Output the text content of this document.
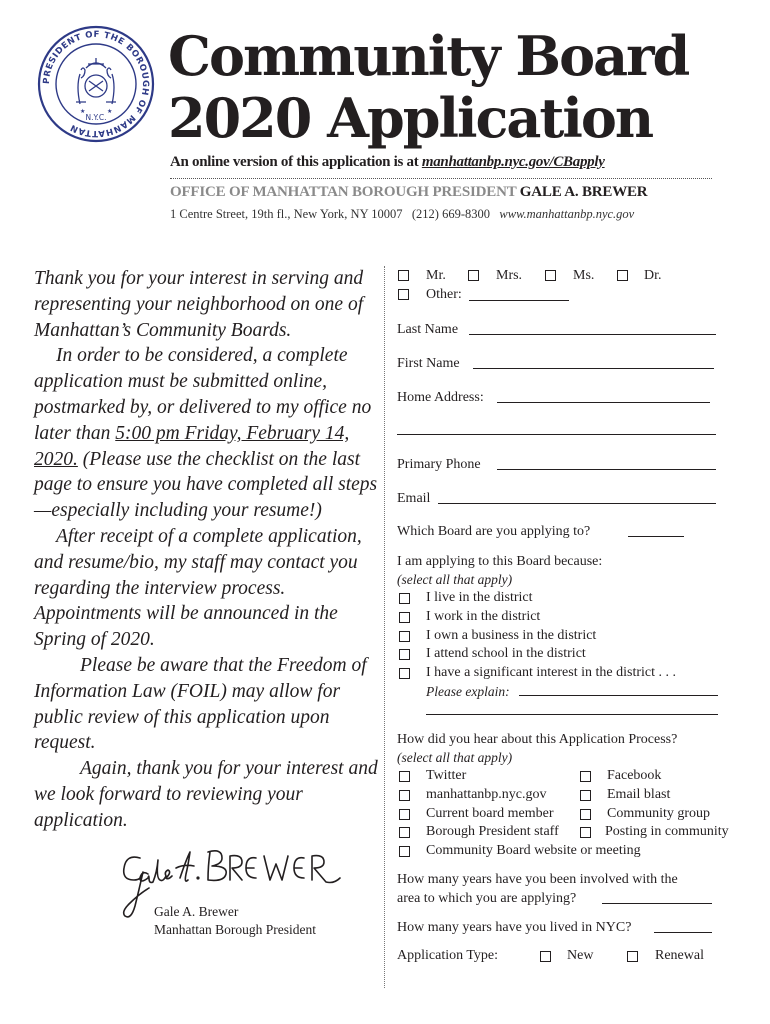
PRESIDENT OF THE BOROUGH OF MANHATTAN
N.Y.C.
★	★
Community Board
2020 Application
An online version of this application is at manhattanbp.nyc.gov/CBapply
OFFICE OF MANHATTAN BOROUGH PRESIDENT GALE A. BREWER
1 Centre Street, 19th fl., New York, NY 10007 (212) 669-8300 www.manhattanbp.nyc.gov

Thank you for your interest in serving and representing your neighborhood on one of Manhattan’s Community Boards.

In order to be considered, a complete application must be submitted online, postmarked by, or delivered to my office no later than 5:00 pm Friday, February 14, 2020. (Please use the checklist on the last page to ensure you have completed all steps—especially including your resume!)

After receipt of a complete application, and resume/bio, my staff may contact you regarding the interview process. Appointments will be announced in the Spring of 2020.

Please be aware that the Freedom of Information Law (FOIL) may allow for public review of this application upon request.

Again, thank you for your interest and we look forward to reviewing your application.

Gale A. Brewer
Manhattan Borough President
Mr.	Mrs.	Ms.	Dr.
Other:
Last Name
First Name
Home Address:
Primary Phone
Email
Which Board are you applying to?
I am applying to this Board because:
(select all that apply)
I live in the district
I work in the district
I own a business in the district
I attend school in the district
I have a significant interest in the district . . .
Please explain:
How did you hear about this Application Process?
(select all that apply)
Twitter	Facebook
manhattanbp.nyc.gov	Email blast
Current board member	Community group
Borough President staff	Posting in community
Community Board website or meeting
How many years have you been involved with the
area to which you are applying?
How many years have you lived in NYC?
Application Type:	New	Renewal
